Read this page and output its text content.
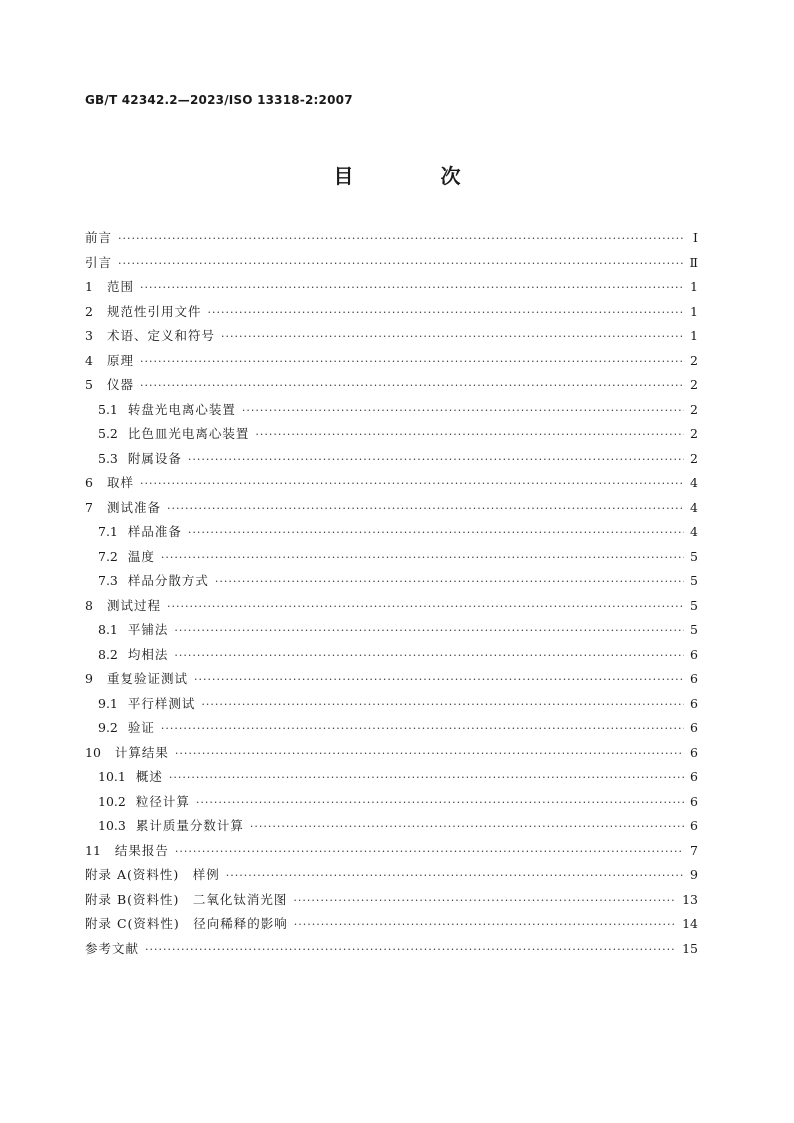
GB/T 42342.2—2023/ISO 13318-2:2007
目 次
前言 ·····	Ⅰ
引言 ·····	Ⅱ
1 范围 ·····	1
2 规范性引用文件 ·····	1
3 术语、定义和符号 ·····	1
4 原理 ·····	2
5 仪器 ·····	2
5.1 转盘光电离心装置 ·····	2
5.2 比色皿光电离心装置 ·····	2
5.3 附属设备 ·····	2
6 取样 ·····	4
7 测试准备 ·····	4
7.1 样品准备 ·····	4
7.2 温度 ·····	5
7.3 样品分散方式 ·····	5
8 测试过程 ·····	5
8.1 平铺法 ·····	5
8.2 均相法 ·····	6
9 重复验证测试 ·····	6
9.1 平行样测试 ·····	6
9.2 验证 ·····	6
10 计算结果 ·····	6
10.1 概述 ·····	6
10.2 粒径计算 ·····	6
10.3 累计质量分数计算 ·····	6
11 结果报告 ·····	7
附录 A(资料性)　样例 ·····	9
附录 B(资料性)　二氧化钛消光图 ·····	13
附录 C(资料性)　径向稀释的影响 ·····	14
参考文献 ·····	15
